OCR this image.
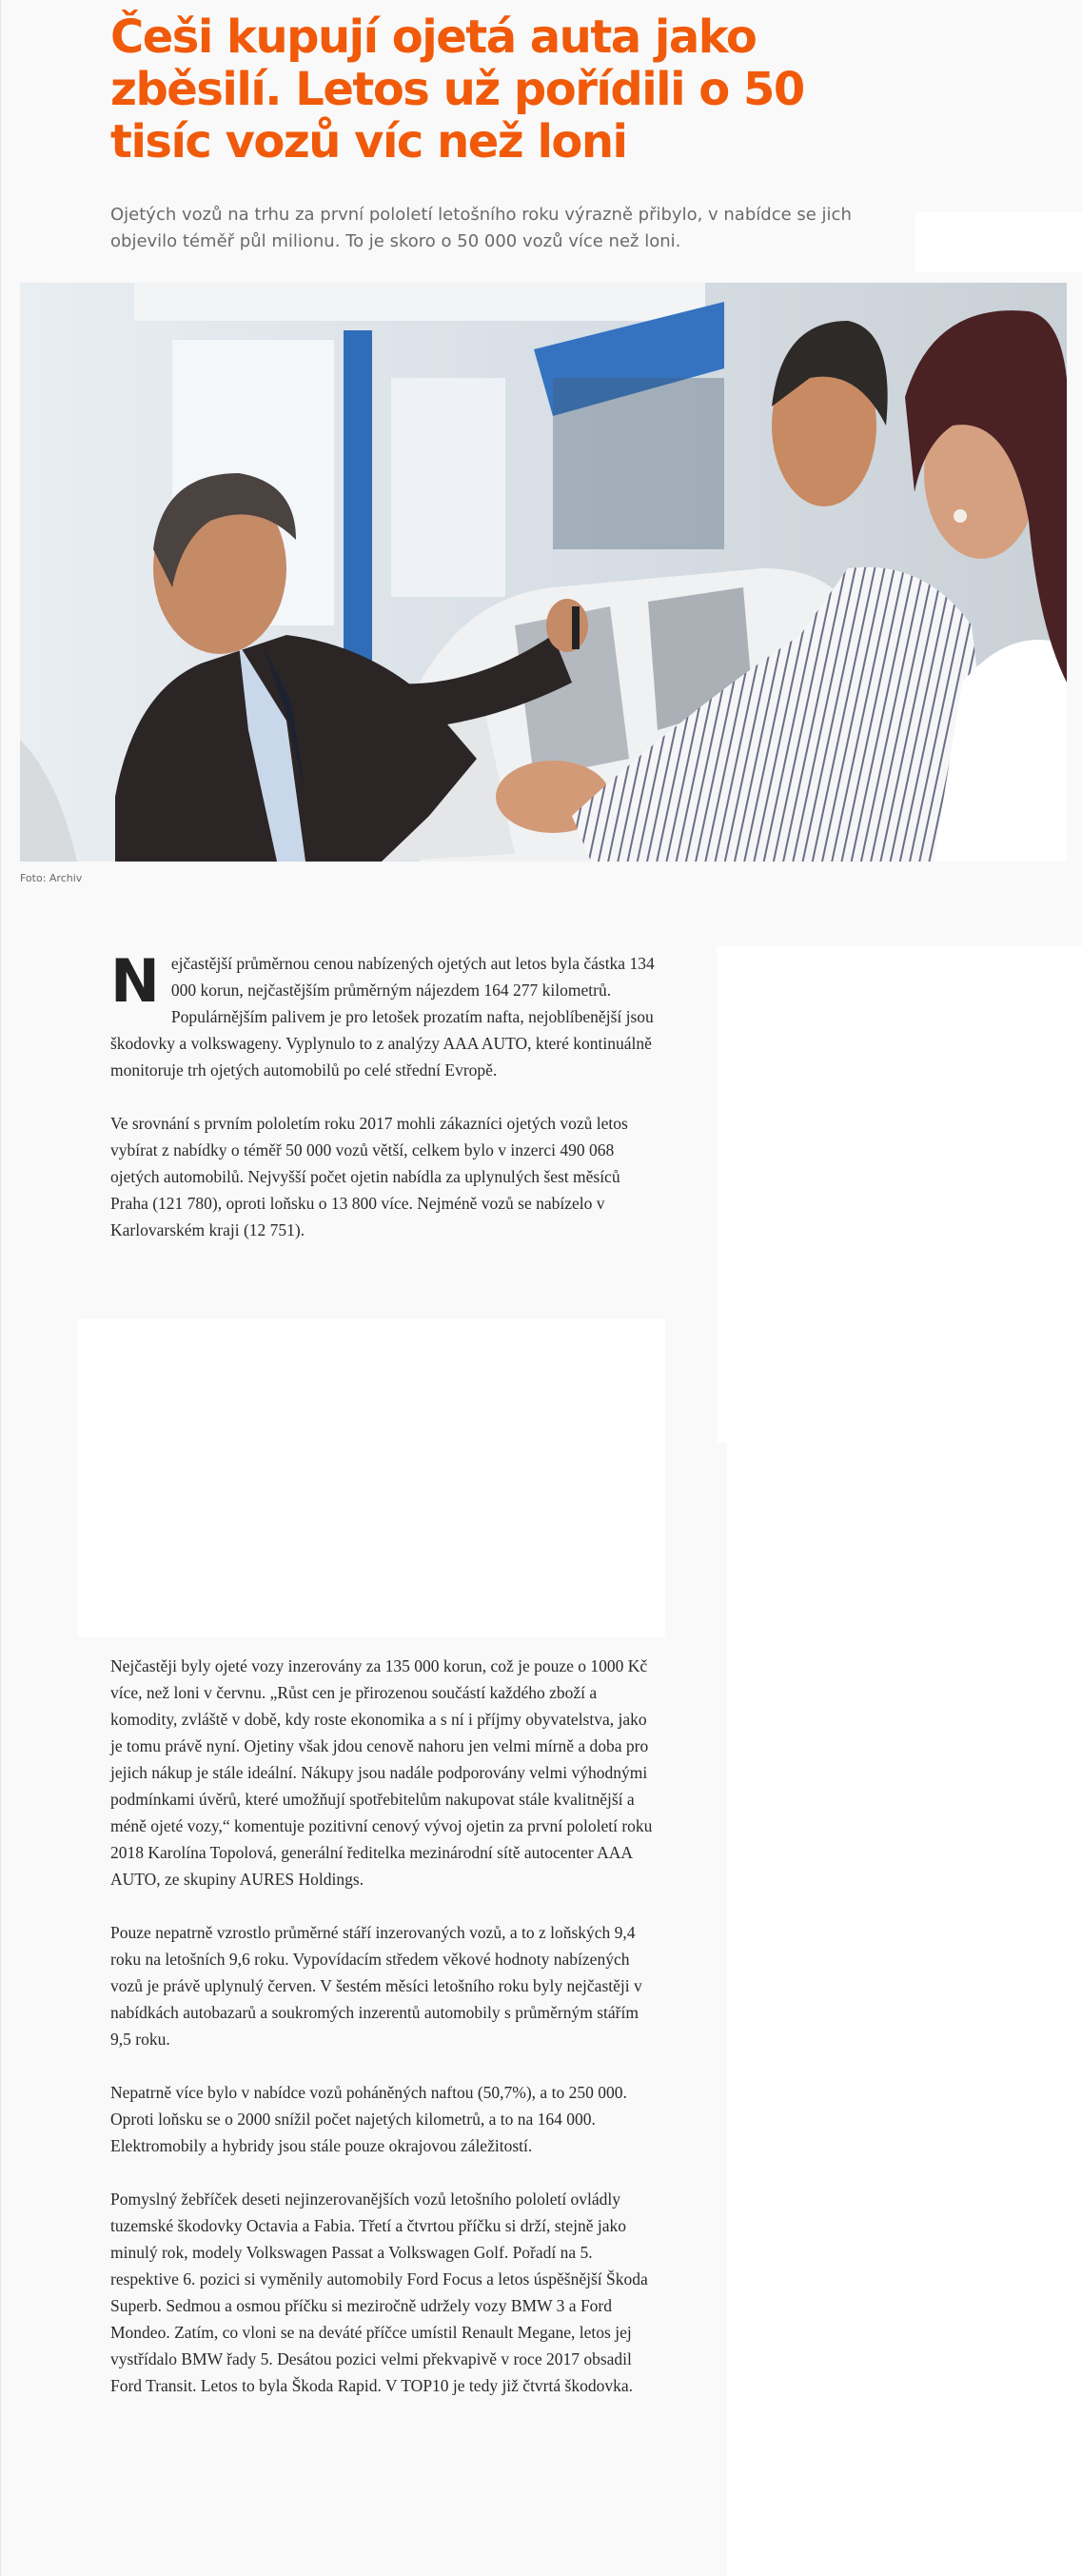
Češi kupují ojetá auta jako zběsilí. Letos už pořídili o 50 tisíc vozů víc než loni

Ojetých vozů na trhu za první pololetí letošního roku výrazně přibylo, v nabídce se jich objevilo téměř půl milionu. To je skoro o 50 000 vozů více než loni.

Foto: Archiv

Nejčastější průměrnou cenou nabízených ojetých aut letos byla částka 134 000 korun, nejčastějším průměrným nájezdem 164 277 kilometrů. Populárnějším palivem je pro letošek prozatím nafta, nejoblíbenější jsou škodovky a volkswageny. Vyplynulo to z analýzy AAA AUTO, které kontinuálně monitoruje trh ojetých automobilů po celé střední Evropě.

Ve srovnání s prvním pololetím roku 2017 mohli zákazníci ojetých vozů letos vybírat z nabídky o téměř 50 000 vozů větší, celkem bylo v inzerci 490 068 ojetých automobilů. Nejvyšší počet ojetin nabídla za uplynulých šest měsíců Praha (121 780), oproti loňsku o 13 800 více. Nejméně vozů se nabízelo v Karlovarském kraji (12 751).

Nejčastěji byly ojeté vozy inzerovány za 135 000 korun, což je pouze o 1000 Kč více, než loni v červnu. „Růst cen je přirozenou součástí každého zboží a komodity, zvláště v době, kdy roste ekonomika a s ní i příjmy obyvatelstva, jako je tomu právě nyní. Ojetiny však jdou cenově nahoru jen velmi mírně a doba pro jejich nákup je stále ideální. Nákupy jsou nadále podporovány velmi výhodnými podmínkami úvěrů, které umožňují spotřebitelům nakupovat stále kvalitnější a méně ojeté vozy,“ komentuje pozitivní cenový vývoj ojetin za první pololetí roku 2018 Karolína Topolová, generální ředitelka mezinárodní sítě autocenter AAA AUTO, ze skupiny AURES Holdings.

Pouze nepatrně vzrostlo průměrné stáří inzerovaných vozů, a to z loňských 9,4 roku na letošních 9,6 roku. Vypovídacím středem věkové hodnoty nabízených vozů je právě uplynulý červen. V šestém měsíci letošního roku byly nejčastěji v nabídkách autobazarů a soukromých inzerentů automobily s průměrným stářím 9,5 roku.

Nepatrně více bylo v nabídce vozů poháněných naftou (50,7%), a to 250 000. Oproti loňsku se o 2000 snížil počet najetých kilometrů, a to na 164 000. Elektromobily a hybridy jsou stále pouze okrajovou záležitostí.

Pomyslný žebříček deseti nejinzerovanějších vozů letošního pololetí ovládly tuzemské škodovky Octavia a Fabia. Třetí a čtvrtou příčku si drží, stejně jako minulý rok, modely Volkswagen Passat a Volkswagen Golf. Pořadí na 5. respektive 6. pozici si vyměnily automobily Ford Focus a letos úspěšnější Škoda Superb. Sedmou a osmou příčku si meziročně udržely vozy BMW 3 a Ford Mondeo. Zatím, co vloni se na deváté příčce umístil Renault Megane, letos jej vystřídalo BMW řady 5. Desátou pozici velmi překvapivě v roce 2017 obsadil Ford Transit. Letos to byla Škoda Rapid. V TOP10 je tedy již čtvrtá škodovka.
